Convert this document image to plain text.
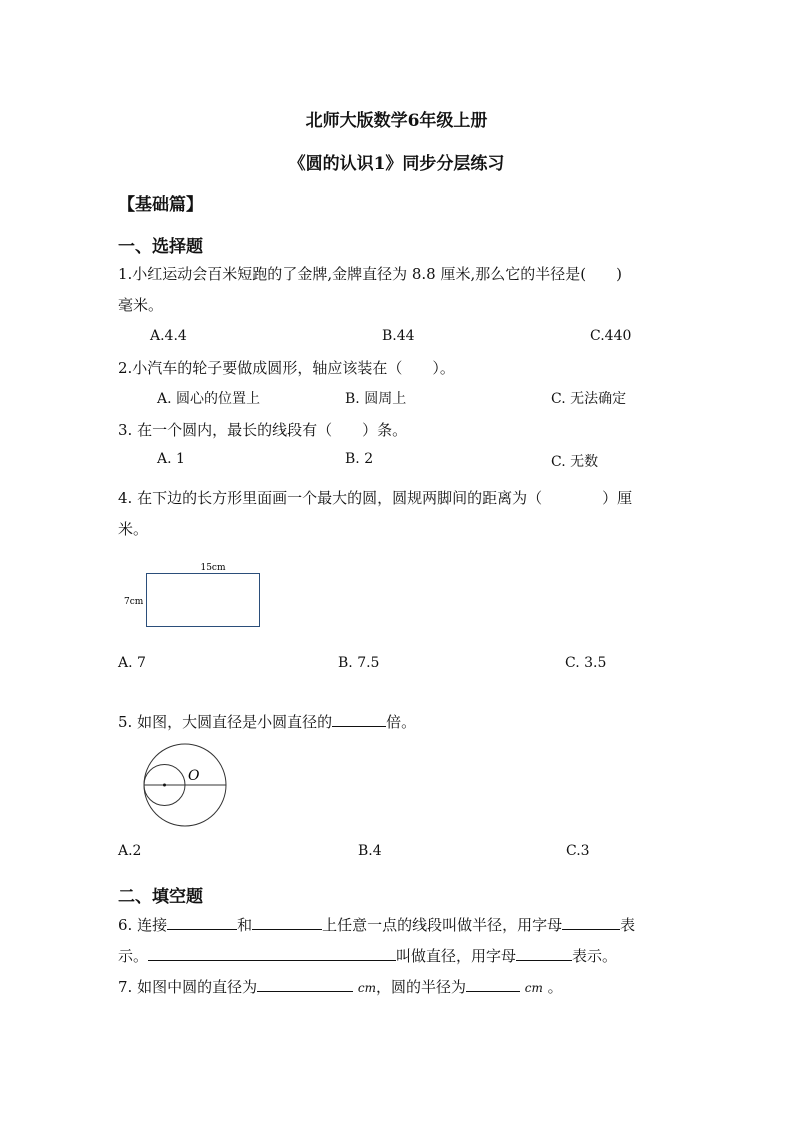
北师大版数学6年级上册
《圆的认识1》同步分层练习
【基础篇】
一、选择题
1.小红运动会百米短跑的了金牌,金牌直径为 8.8 厘米,那么它的半径是(　　)
毫米。
A.4.4	B.44	C.440
2.小汽车的轮子要做成圆形，轴应该装在（　　）。
A. 圆心的位置上	B. 圆周上	C. 无法确定
3. 在一个圆内，最长的线段有（　　）条。
A. 1	B. 2	C. 无数
4. 在下边的长方形里面画一个最大的圆，圆规两脚间的距离为（　　　　）厘
米。
15cm
7cm
A. 7	B. 7.5	C. 3.5
5. 如图，大圆直径是小圆直径的	倍。
O
A.2	B.4	C.3
二、填空题
6. 连接	和	上任意一点的线段叫做半径，用字母	表
示。	叫做直径，用字母	表示。
7. 如图中圆的直径为	cm，圆的半径为	cm 。
